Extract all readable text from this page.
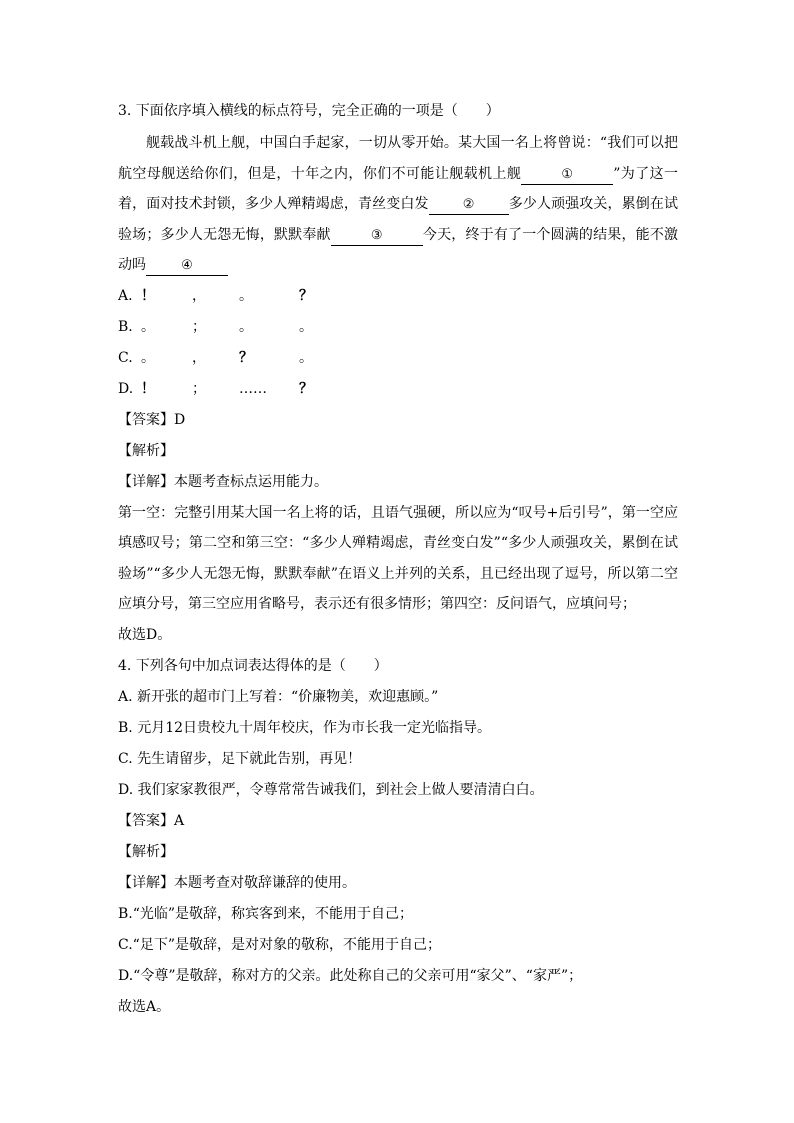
3. 下面依序填入横线的标点符号，完全正确的一项是（　　）
舰载战斗机上舰，中国白手起家，一切从零开始。某大国一名上将曾说：“我们可以把航空母舰送给你们，但是，十年之内，你们不可能让舰载机上舰	①	”为了这一着，面对技术封锁，多少人殚精竭虑，青丝变白发	② 多少人顽强攻关，累倒在试验场；多少人无怨无悔，默默奉献	③	今天，终于有了一个圆满的结果，能不激动吗	④
A. ！	， 。	？
B. 。	； 。	。
C. 。	， ？	。
D. ！	； …… ？
【答案】D
【解析】
【详解】本题考查标点运用能力。
第一空：完整引用某大国一名上将的话，且语气强硬，所以应为“叹号+后引号”，第一空应填感叹号；第二空和第三空：“多少人殚精竭虑，青丝变白发”“多少人顽强攻关，累倒在试验场”“多少人无怨无悔，默默奉献”在语义上并列的关系，且已经出现了逗号，所以第二空应填分号，第三空应用省略号，表示还有很多情形；第四空：反问语气，应填问号；
故选D。
4. 下列各句中加点词表达得体的是（　　）
A. 新开张的超市门上写着：“价廉物美，欢迎惠顾。”
B. 元月12日贵校九十周年校庆，作为市长我一定光临指导。
C. 先生请留步，足下就此告别，再见！
D. 我们家家教很严，令尊常常告诫我们，到社会上做人要清清白白。
【答案】A
【解析】
【详解】本题考查对敬辞谦辞的使用。
B.“光临”是敬辞，称宾客到来，不能用于自己；
C.“足下”是敬辞，是对对象的敬称，不能用于自己；
D.“令尊”是敬辞，称对方的父亲。此处称自己的父亲可用“家父”、“家严”；
故选A。
